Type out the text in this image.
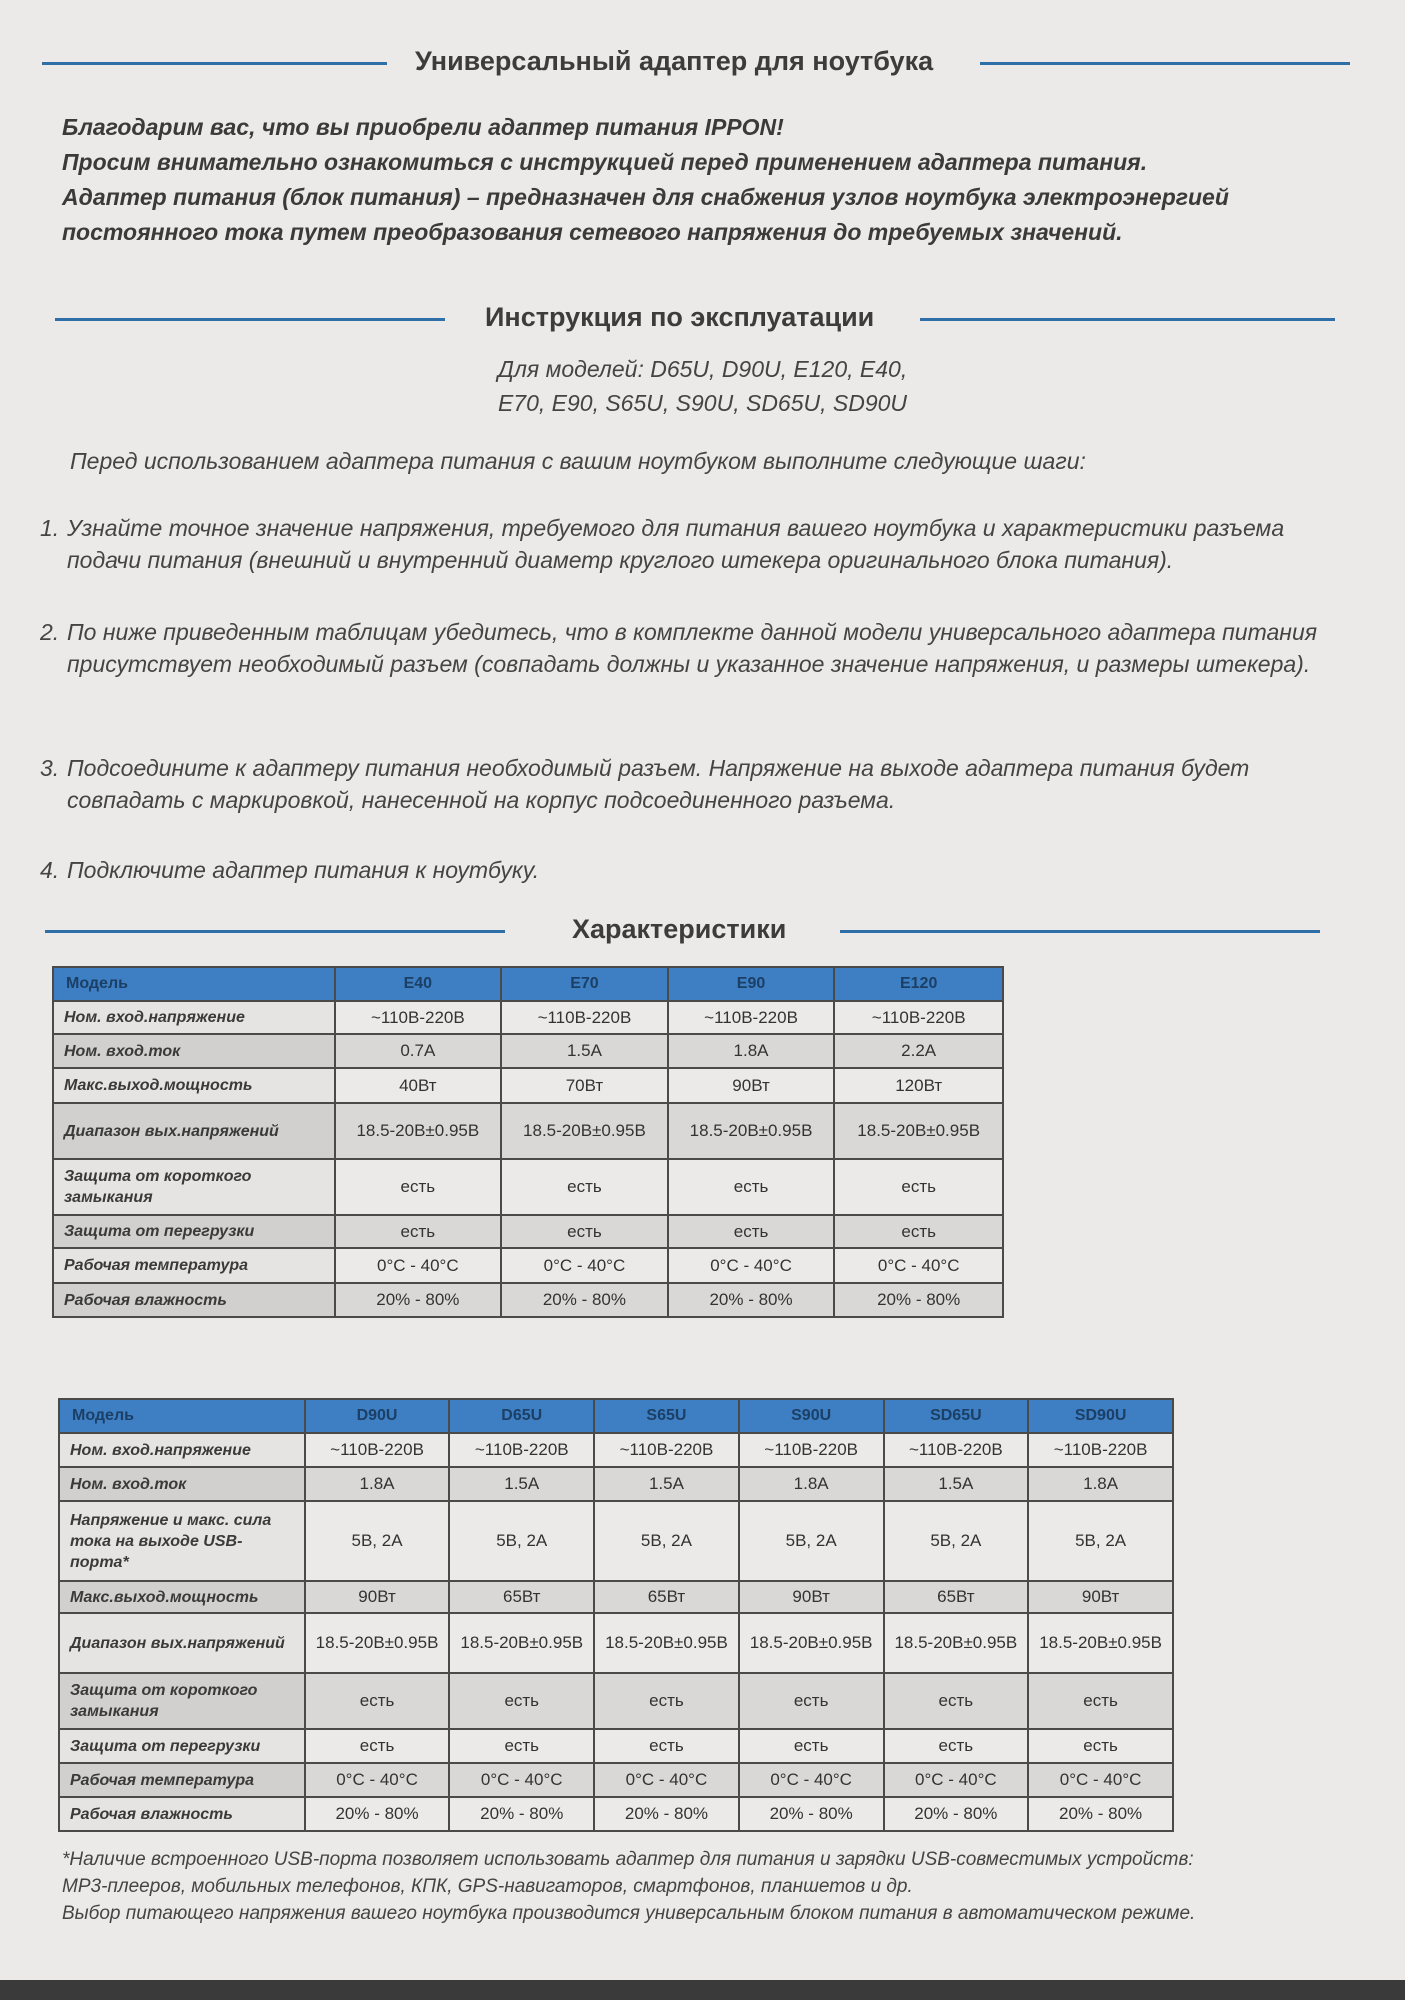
Универсальный адаптер для ноутбука

Благодарим вас, что вы приобрели адаптер питания IPPON!

Просим внимательно ознакомиться с инструкцией перед применением адаптера питания.

Адаптер питания (блок питания) – предназначен для снабжения узлов ноутбука электроэнергией

постоянного тока путем преобразования сетевого напряжения до требуемых значений.

Инструкция по эксплуатации

Для моделей: D65U, D90U, E120, E40,

E70, E90, S65U, S90U, SD65U, SD90U

Перед использованием адаптера питания с вашим ноутбуком выполните следующие шаги:
1. Узнайте точное значение напряжения, требуемого для питания вашего ноутбука и характеристики разъема подачи питания (внешний и внутренний диаметр круглого штекера оригинального блока питания).
2. По ниже приведенным таблицам убедитесь, что в комплекте данной модели универсального адаптера питания присутствует необходимый разъем (совпадать должны и указанное значение напряжения, и размеры штекера).
3. Подсоедините к адаптеру питания необходимый разъем. Напряжение на выходе адаптера питания будет совпадать с маркировкой, нанесенной на корпус подсоединенного разъема.
4. Подключите адаптер питания к ноутбуку.
Характеристики
Модель	E40	E70	E90	E120
Ном. вход.напряжение	~110В-220В	~110В-220В	~110В-220В	~110В-220В
Ном. вход.ток	0.7А	1.5А	1.8А	2.2А
Макс.выход.мощность	40Вт	70Вт	90Вт	120Вт
Диапазон вых.напряжений	18.5-20В±0.95В	18.5-20В±0.95В	18.5-20В±0.95В	18.5-20В±0.95В
Защита от короткого замыкания	есть	есть	есть	есть
Защита от перегрузки	есть	есть	есть	есть
Рабочая температура	0°С - 40°С	0°С - 40°С	0°С - 40°С	0°С - 40°С
Рабочая влажность	20% - 80%	20% - 80%	20% - 80%	20% - 80%
Модель	D90U	D65U	S65U	S90U	SD65U	SD90U
Ном. вход.напряжение	~110В-220В	~110В-220В	~110В-220В	~110В-220В	~110В-220В	~110В-220В
Ном. вход.ток	1.8А	1.5А	1.5А	1.8А	1.5А	1.8А
Напряжение и макс. сила тока на выходе USB-порта*	5В, 2А	5В, 2А	5В, 2А	5В, 2А	5В, 2А	5В, 2А
Макс.выход.мощность	90Вт	65Вт	65Вт	90Вт	65Вт	90Вт
Диапазон вых.напряжений	18.5-20В±0.95В	18.5-20В±0.95В	18.5-20В±0.95В	18.5-20В±0.95В	18.5-20В±0.95В	18.5-20В±0.95В
Защита от короткого замыкания	есть	есть	есть	есть	есть	есть
Защита от перегрузки	есть	есть	есть	есть	есть	есть
Рабочая температура	0°С - 40°С	0°С - 40°С	0°С - 40°С	0°С - 40°С	0°С - 40°С	0°С - 40°С
Рабочая влажность	20% - 80%	20% - 80%	20% - 80%	20% - 80%	20% - 80%	20% - 80%

*Наличие встроенного USB-порта позволяет использовать адаптер для питания и зарядки USB-совместимых устройств:

МР3-плееров, мобильных телефонов, КПК, GPS-навигаторов, смартфонов, планшетов и др.

Выбор питающего напряжения вашего ноутбука производится универсальным блоком питания в автоматическом режиме.
